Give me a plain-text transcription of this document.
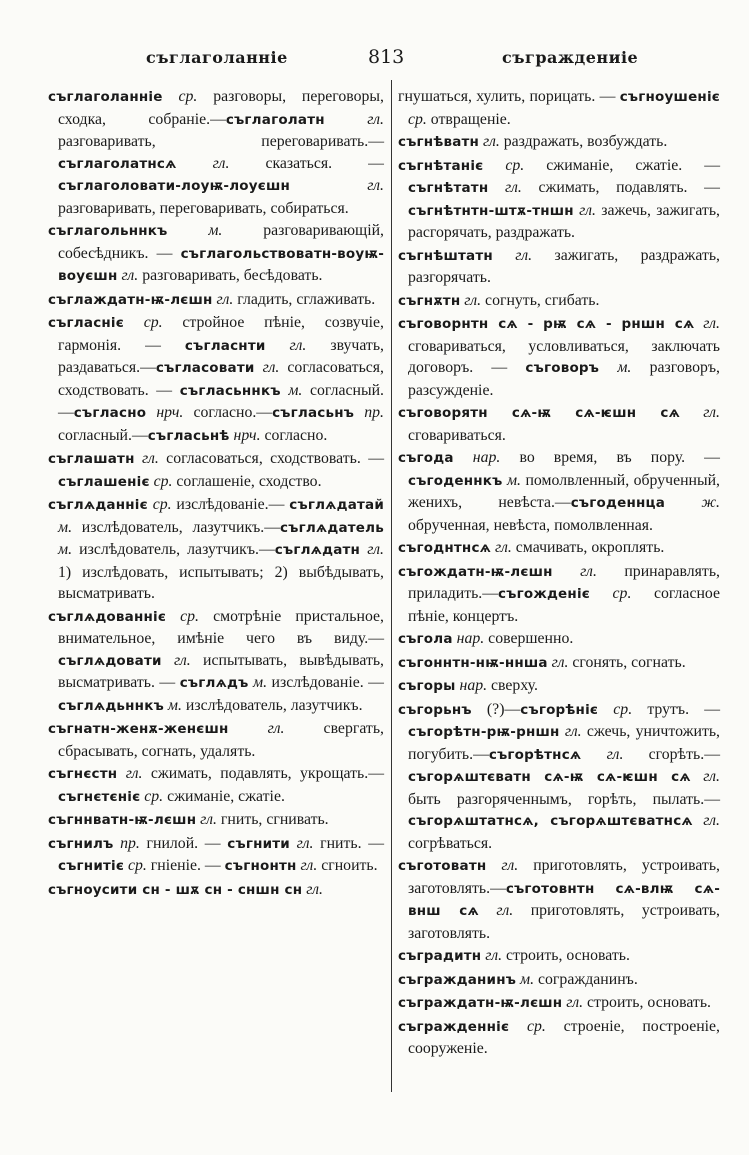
съглаголанніе	813	съграждениіе

съглаголанніе ср. разговоры, переговоры, сходка, собраніе.—съглаголатн гл. разговаривать, переговаривать.—съглаголатнсѧ гл. сказаться. — съглаголовати-лоуѭ-лоуєшн гл. разговаривать, переговаривать, собираться.

съглагольннкъ м. разговаривающій, собесѣдникъ. — съглагольствоватн-воуѭ-воуєшн гл. разговаривать, бесѣдовать.

съглаждатн-ѭ-лєшн гл. гладить, сглаживать.

съгласніє ср. стройное пѣніе, созвучіе, гармонія. — съгласнти гл. звучать, раздаваться.—съгласовати гл. согласоваться, сходствовать. — съгласьннкъ м. согласный.—съгласно нрч. согласно.—съгласьнъ пр. согласный.—съгласьнѣ нрч. согласно.

съглашатн гл. согласоваться, сходствовать. — съглашеніє ср. соглашеніе, сходство.

съглѧданніє ср. изслѣдованіе.— съглѧдатай м. изслѣдователь, лазутчикъ.—съглѧдатель м. изслѣдователь, лазутчикъ.—съглѧдатн гл. 1) изслѣдовать, испытывать; 2) выбѣдывать, высматривать.

съглѧдованніє ср. смотрѣніе пристальное, внимательное, имѣніе чего въ виду.—съглѧдовати гл. испытывать, вывѣдывать, высматривать. — съглѧдъ м. изслѣдованіе. — съглѧдьннкъ м. изслѣдователь, лазутчикъ.

съгнатн-женѫ-женєшн гл. свергать, сбрасывать, согнать, удалять.

съгнєстн гл. сжимать, подавлять, укрощать.—съгнєтєніє ср. сжиманіе, сжатіе.

съгннватн-ѭ-лєшн гл. гнить, сгнивать.

съгнилъ пр. гнилой. — съгнити гл. гнить. — съгнитіє ср. гніеніе. — съгнонтн гл. сгноить.

съгноусити сн - шѫ сн - сншн сн гл.

гнушаться, хулить, порицать. — съгноушеніє ср. отвращеніе.

съгнѣватн гл. раздражать, возбуждать.

съгнѣтаніє ср. сжиманіе, сжатіе. — съгнѣтатн гл. сжимать, подавлять. —съгнѣтнтн-штѫ-тншн гл. зажечь, зажигать, расгорячать, раздражать.

съгнѣштатн гл. зажигать, раздражать, разгорячать.

съгнѫтн гл. согнуть, сгибать.

съговорнтн сѧ - рѭ сѧ - рншн сѧ гл. сговариваться, условливаться, заключать договоръ. — съговоръ м. разговоръ, разсужденіе.

съговорятн сѧ-ѭ сѧ-ѥшн сѧ гл. сговариваться.

съгода нар. во время, въ пору. — съгоденнкъ м. помолвленный, обрученный, женихъ, невѣста.—съгоденнца ж. обрученная, невѣста, помолвленная.

съгоднтнсѧ гл. смачивать, окроплять.

съгождатн-ѭ-лєшн гл. принаравлять, приладить.—съгожденіє ср. согласное пѣніе, концертъ.

съгола нар. совершенно.

съгоннтн-нѭ-ннша гл. сгонять, согнать.

съгоры нар. сверху.

съгорьнъ (?)—съгорѣніє ср. трутъ. — съгорѣтн-рѭ-рншн гл. сжечь, уничтожить, погубить.—съгорѣтнсѧ гл. сгорѣть.—съгорѧштєватн сѧ-ѭ сѧ-ѥшн сѧ гл. быть разгоряченнымъ, горѣть, пылать.—съгорѧштатнсѧ, съгорѧштєватнсѧ гл. согрѣваться.

съготоватн гл. приготовлять, устроивать, заготовлять.—съготовнтн сѧ-влѭ сѧ-внш сѧ гл. приготовлять, устроивать, заготовлять.

съградитн гл. строить, основать.

съгражданинъ м. согражданинъ.

съграждатн-ѭ-лєшн гл. строить, основать.

съгражденніє ср. строеніе, построеніе, сооруженіе.
